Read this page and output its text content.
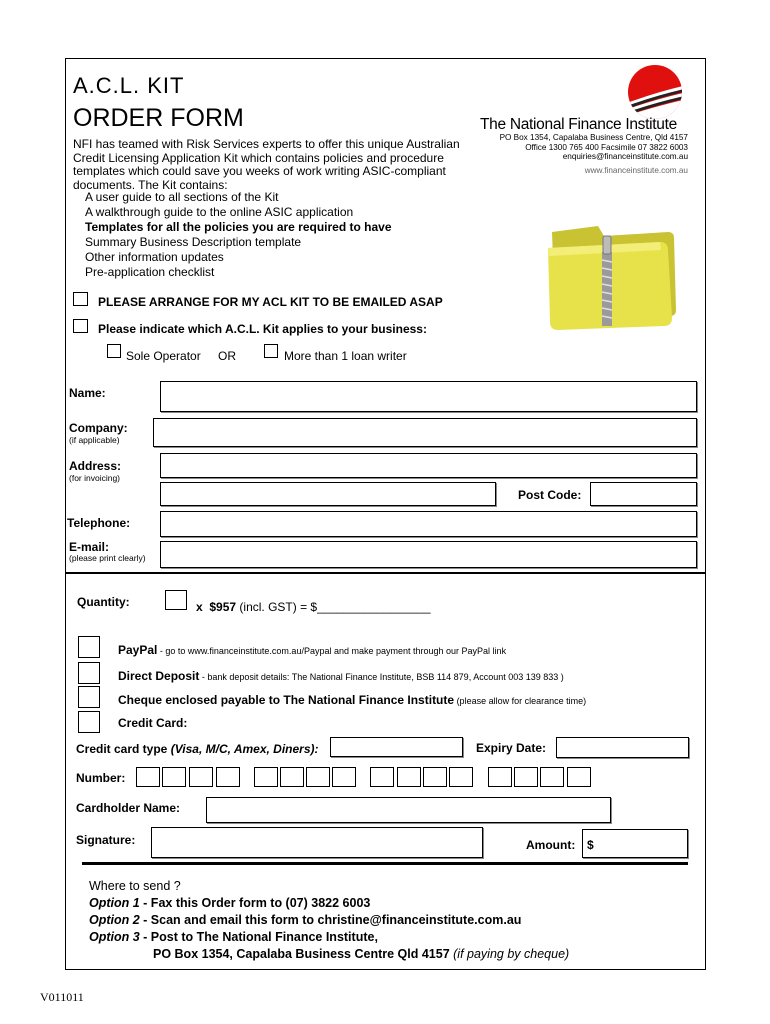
A.C.L. KIT
ORDER FORM
NFI has teamed with Risk Services experts to offer this unique Australian Credit Licensing Application Kit which contains policies and procedure templates which could save you weeks of work writing ASIC-compliant documents. The Kit contains:
A user guide to all sections of the Kit
A walkthrough guide to the online ASIC application
Templates for all the policies you are required to have
Summary Business Description template
Other information updates
Pre-application checklist
The National Finance Institute
PO Box 1354, Capalaba Business Centre, Qld 4157
Office 1300 765 400 Facsimile 07 3822 6003
enquiries@financeinstitute.com.au
www.financeinstitute.com.au
PLEASE ARRANGE FOR MY ACL KIT TO BE EMAILED ASAP
Please indicate which A.C.L. Kit applies to your business:
Sole Operator OR	More than 1 loan writer
Name:
Company:
(if applicable)
Address:
(for invoicing)
Post Code:
Telephone:
E-mail:
(please print clearly)
Quantity:	x $957 (incl. GST) = $_________________
PayPal - go to www.financeinstitute.com.au/Paypal and make payment through our PayPal link
Direct Deposit - bank deposit details: The National Finance Institute, BSB 114 879, Account 003 139 833 )
Cheque enclosed payable to The National Finance Institute (please allow for clearance time)
Credit Card:
Credit card type (Visa, M/C, Amex, Diners):	Expiry Date:
Number:
Cardholder Name:
Signature:	Amount: $
Where to send ?
Option 1 - Fax this Order form to (07) 3822 6003
Option 2 - Scan and email this form to christine@financeinstitute.com.au
Option 3 - Post to The National Finance Institute,
PO Box 1354, Capalaba Business Centre Qld 4157 (if paying by cheque)
V011011
